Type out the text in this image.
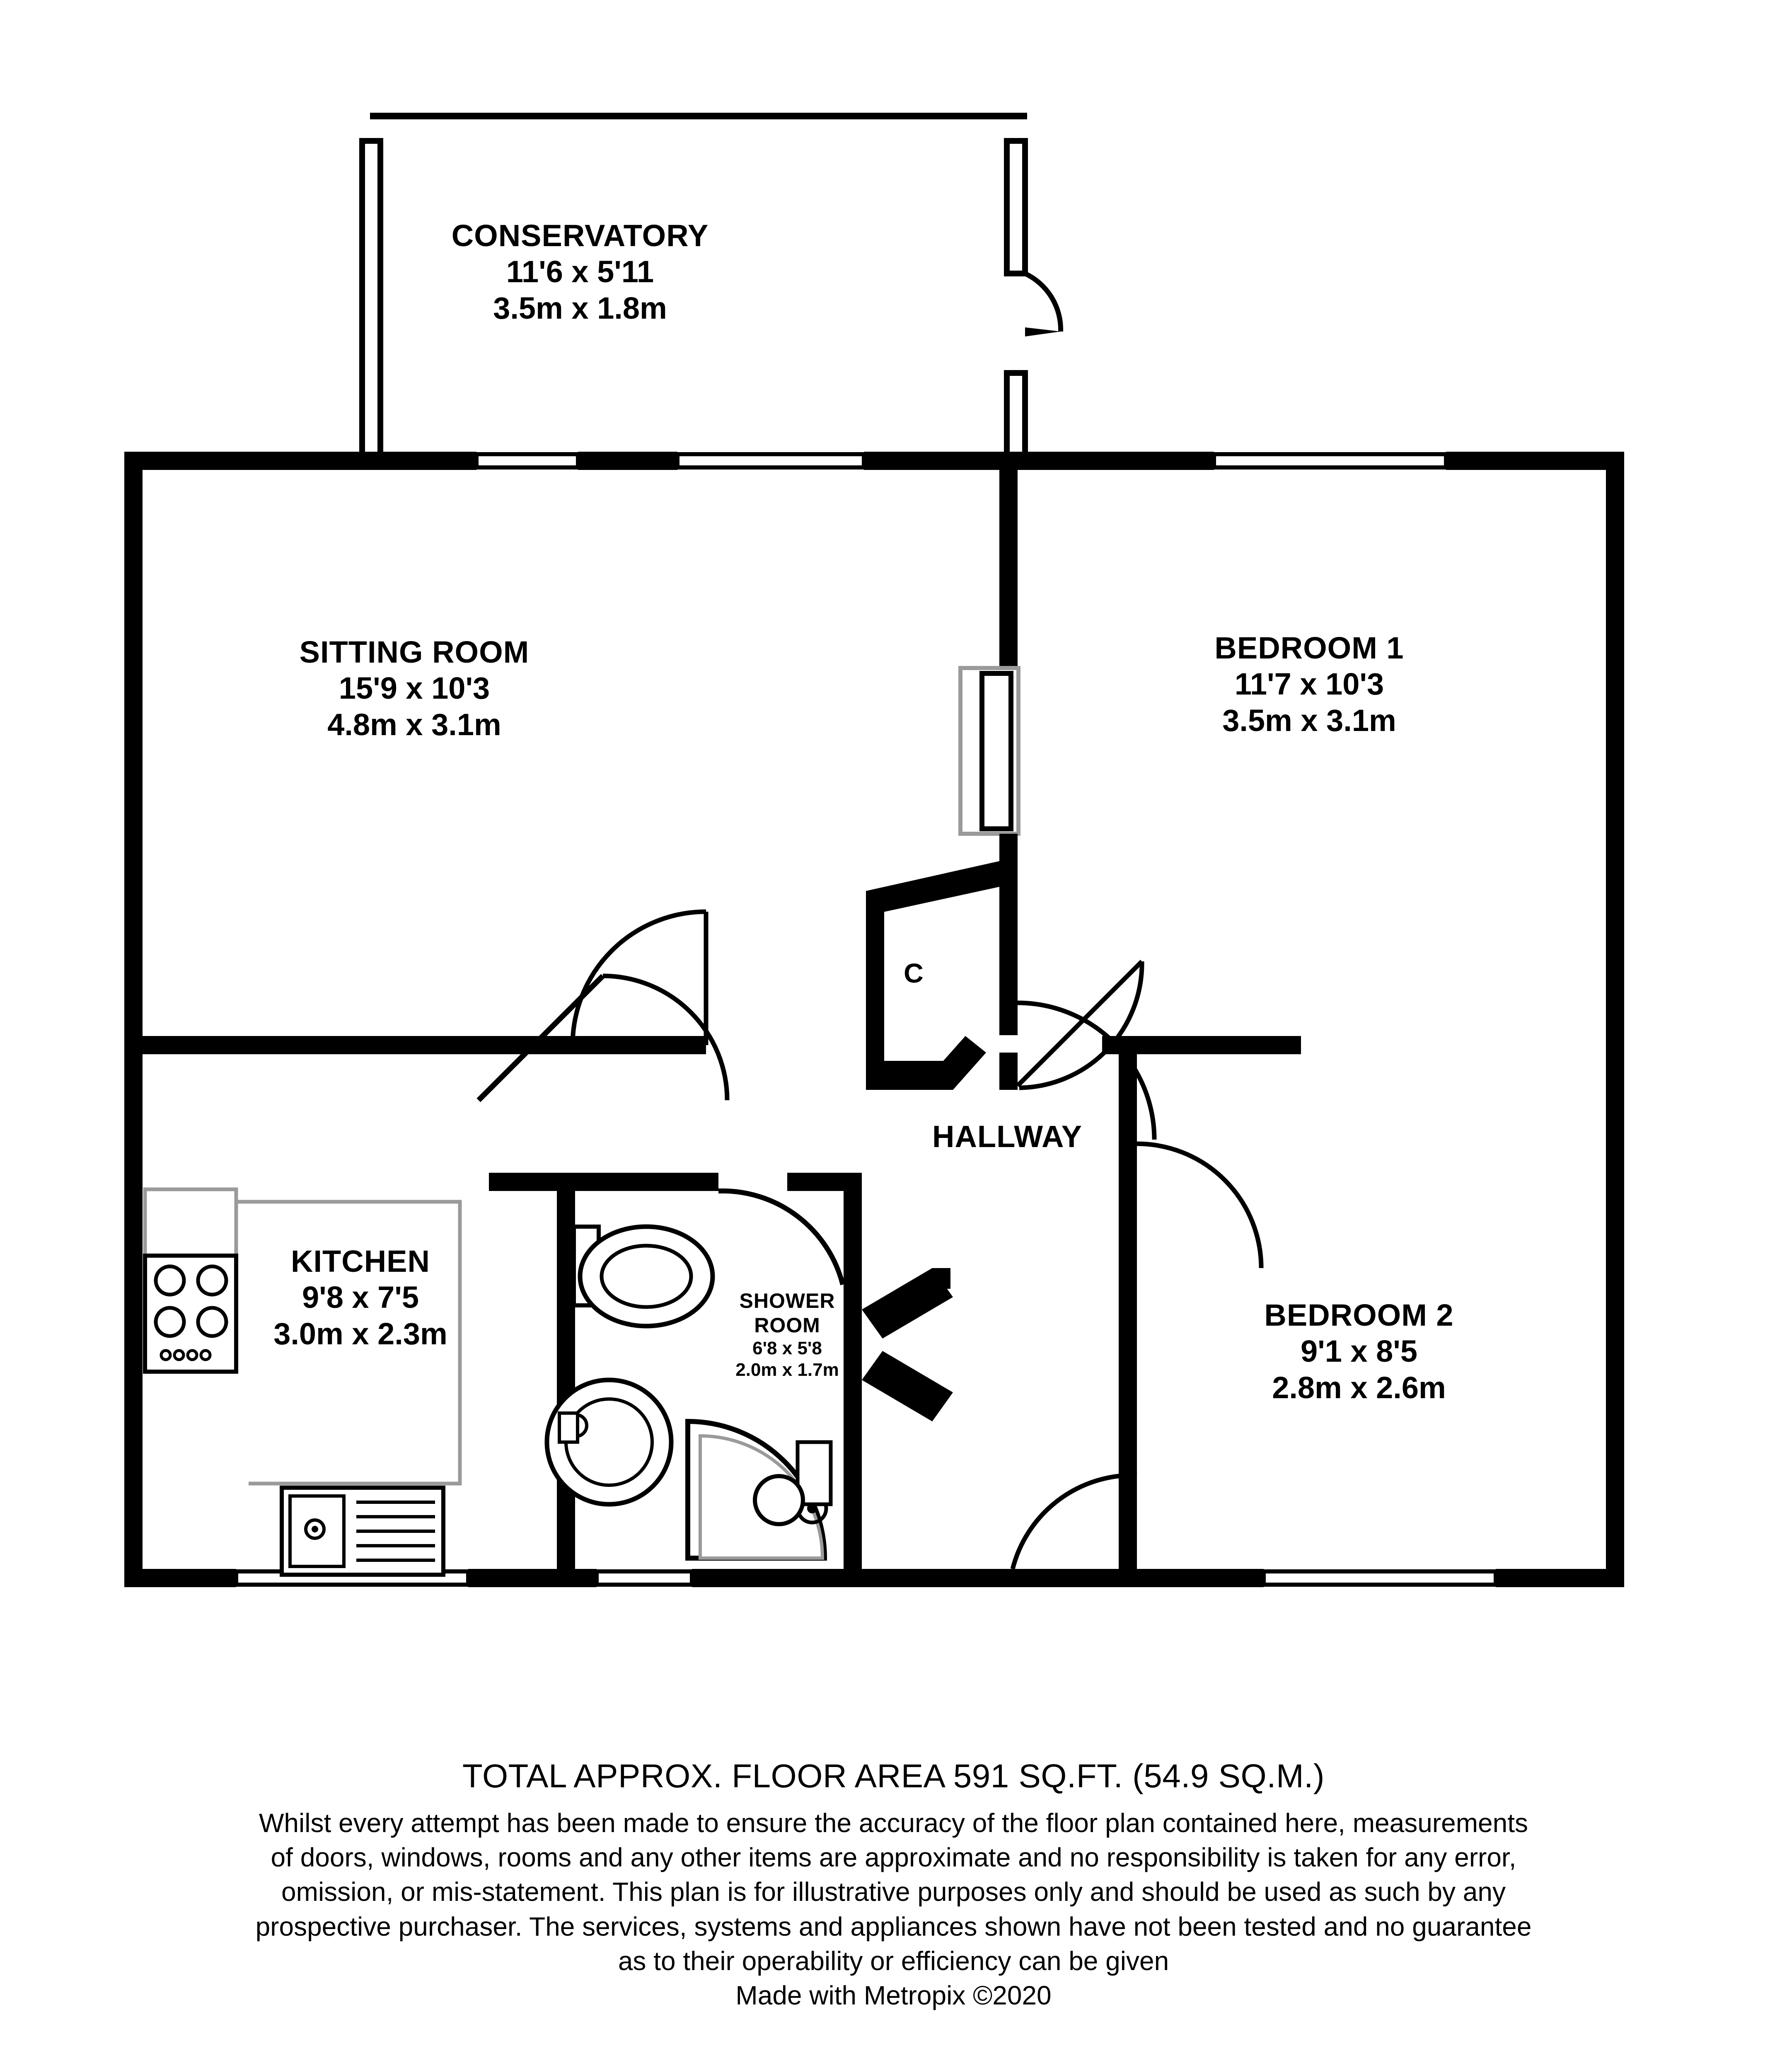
CONSERVATORY
11'6 x 5'11
3.5m x 1.8m
SITTING ROOM
15'9 x 10'3
4.8m x 3.1m
BEDROOM 1
11'7 x 10'3
3.5m x 3.1m
KITCHEN
9'8 x 7'5
3.0m x 2.3m
SHOWER
ROOM
6'8 x 5'8
2.0m x 1.7m
BEDROOM 2
9'1 x 8'5
2.8m x 2.6m
HALLWAY
C
C
TOTAL APPROX. FLOOR AREA 591 SQ.FT. (54.9 SQ.M.)
Whilst every attempt has been made to ensure the accuracy of the floor plan contained here, measurements
of doors, windows, rooms and any other items are approximate and no responsibility is taken for any error,
omission, or mis-statement. This plan is for illustrative purposes only and should be used as such by any
prospective purchaser. The services, systems and appliances shown have not been tested and no guarantee
as to their operability or efficiency can be given
Made with Metropix ©2020
